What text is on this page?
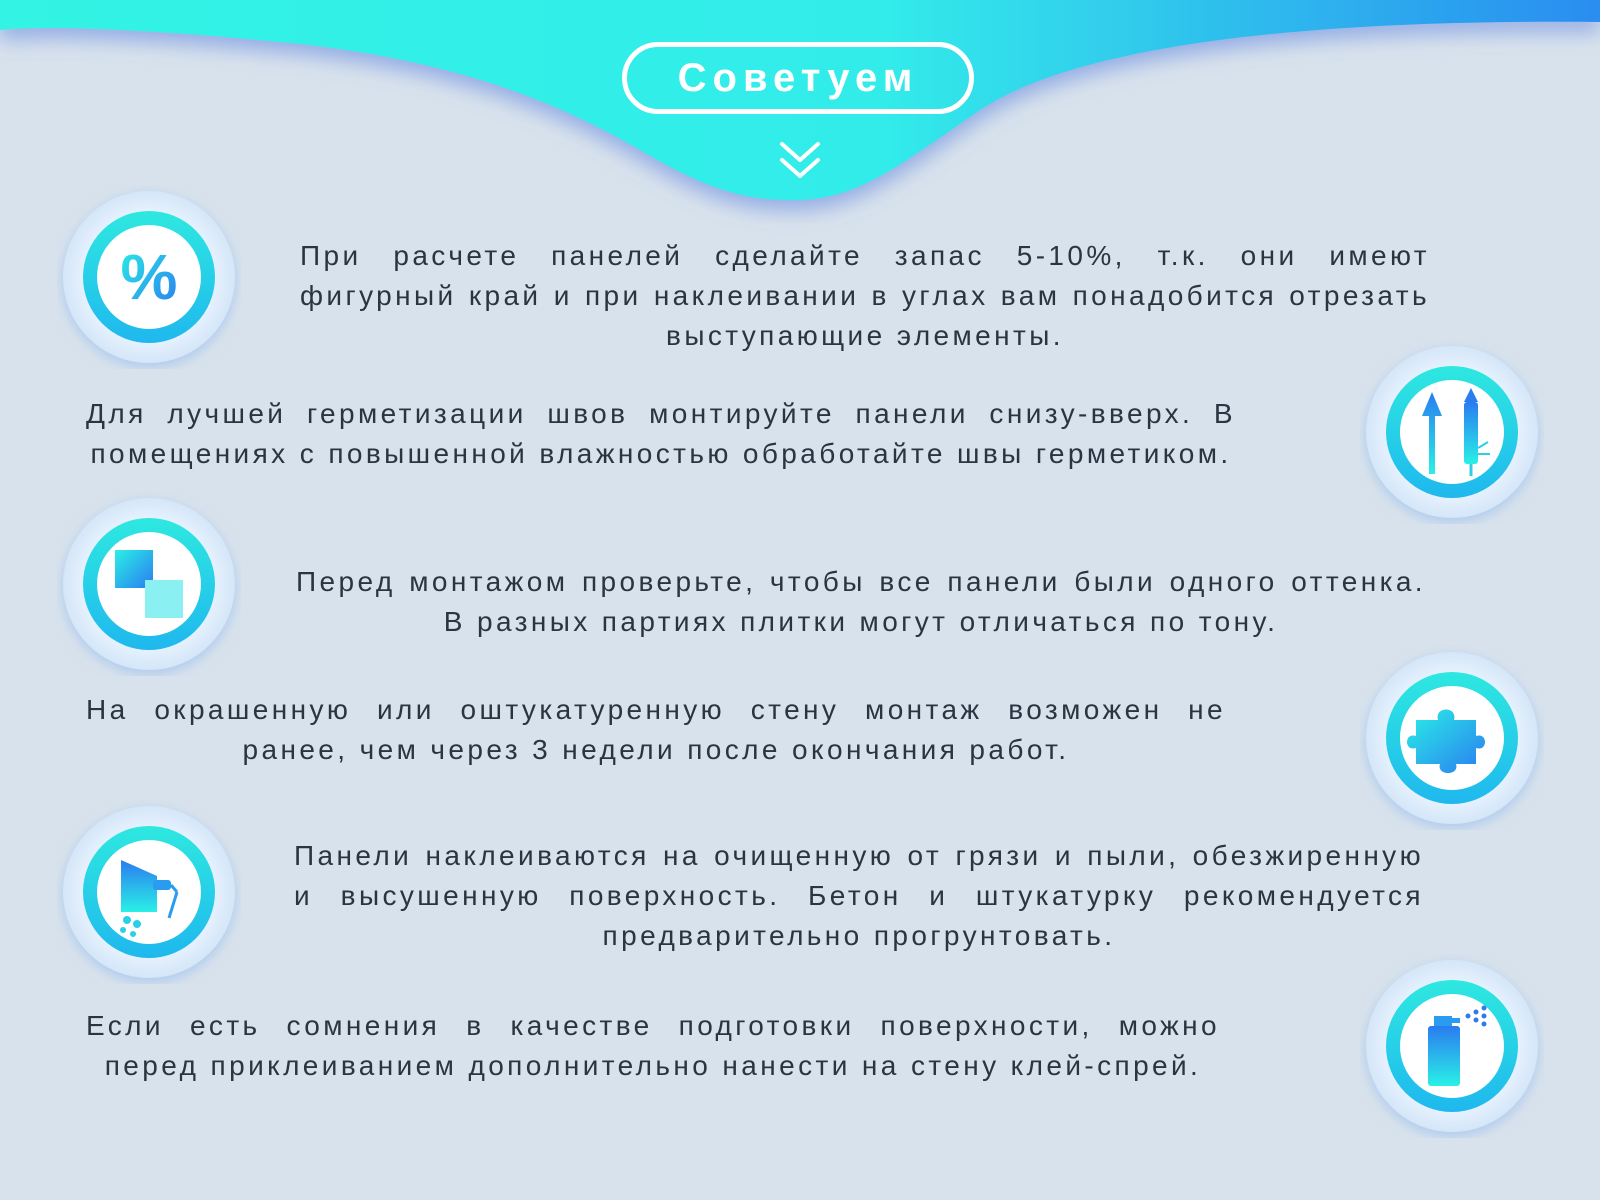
Советуем
%	При расчете панелей сделайте запас 5-10%, т.к. они имеют фигурный край и при наклеивании в углах вам понадобится отрезать выступающие элементы.
Для лучшей герметизации швов монтируйте панели снизу-вверх. В помещениях с повышенной влажностью обработайте швы герметиком.
Перед монтажом проверьте, чтобы все панели были одного оттенка. В разных партиях плитки могут отличаться по тону.
На окрашенную или оштукатуренную стену монтаж возможен не ранее, чем через 3 недели после окончания работ.
Панели наклеиваются на очищенную от грязи и пыли, обезжиренную и высушенную поверхность. Бетон и штукатурку рекомендуется предварительно прогрунтовать.
Если есть сомнения в качестве подготовки поверхности, можно перед приклеиванием дополнительно нанести на стену клей-спрей.
